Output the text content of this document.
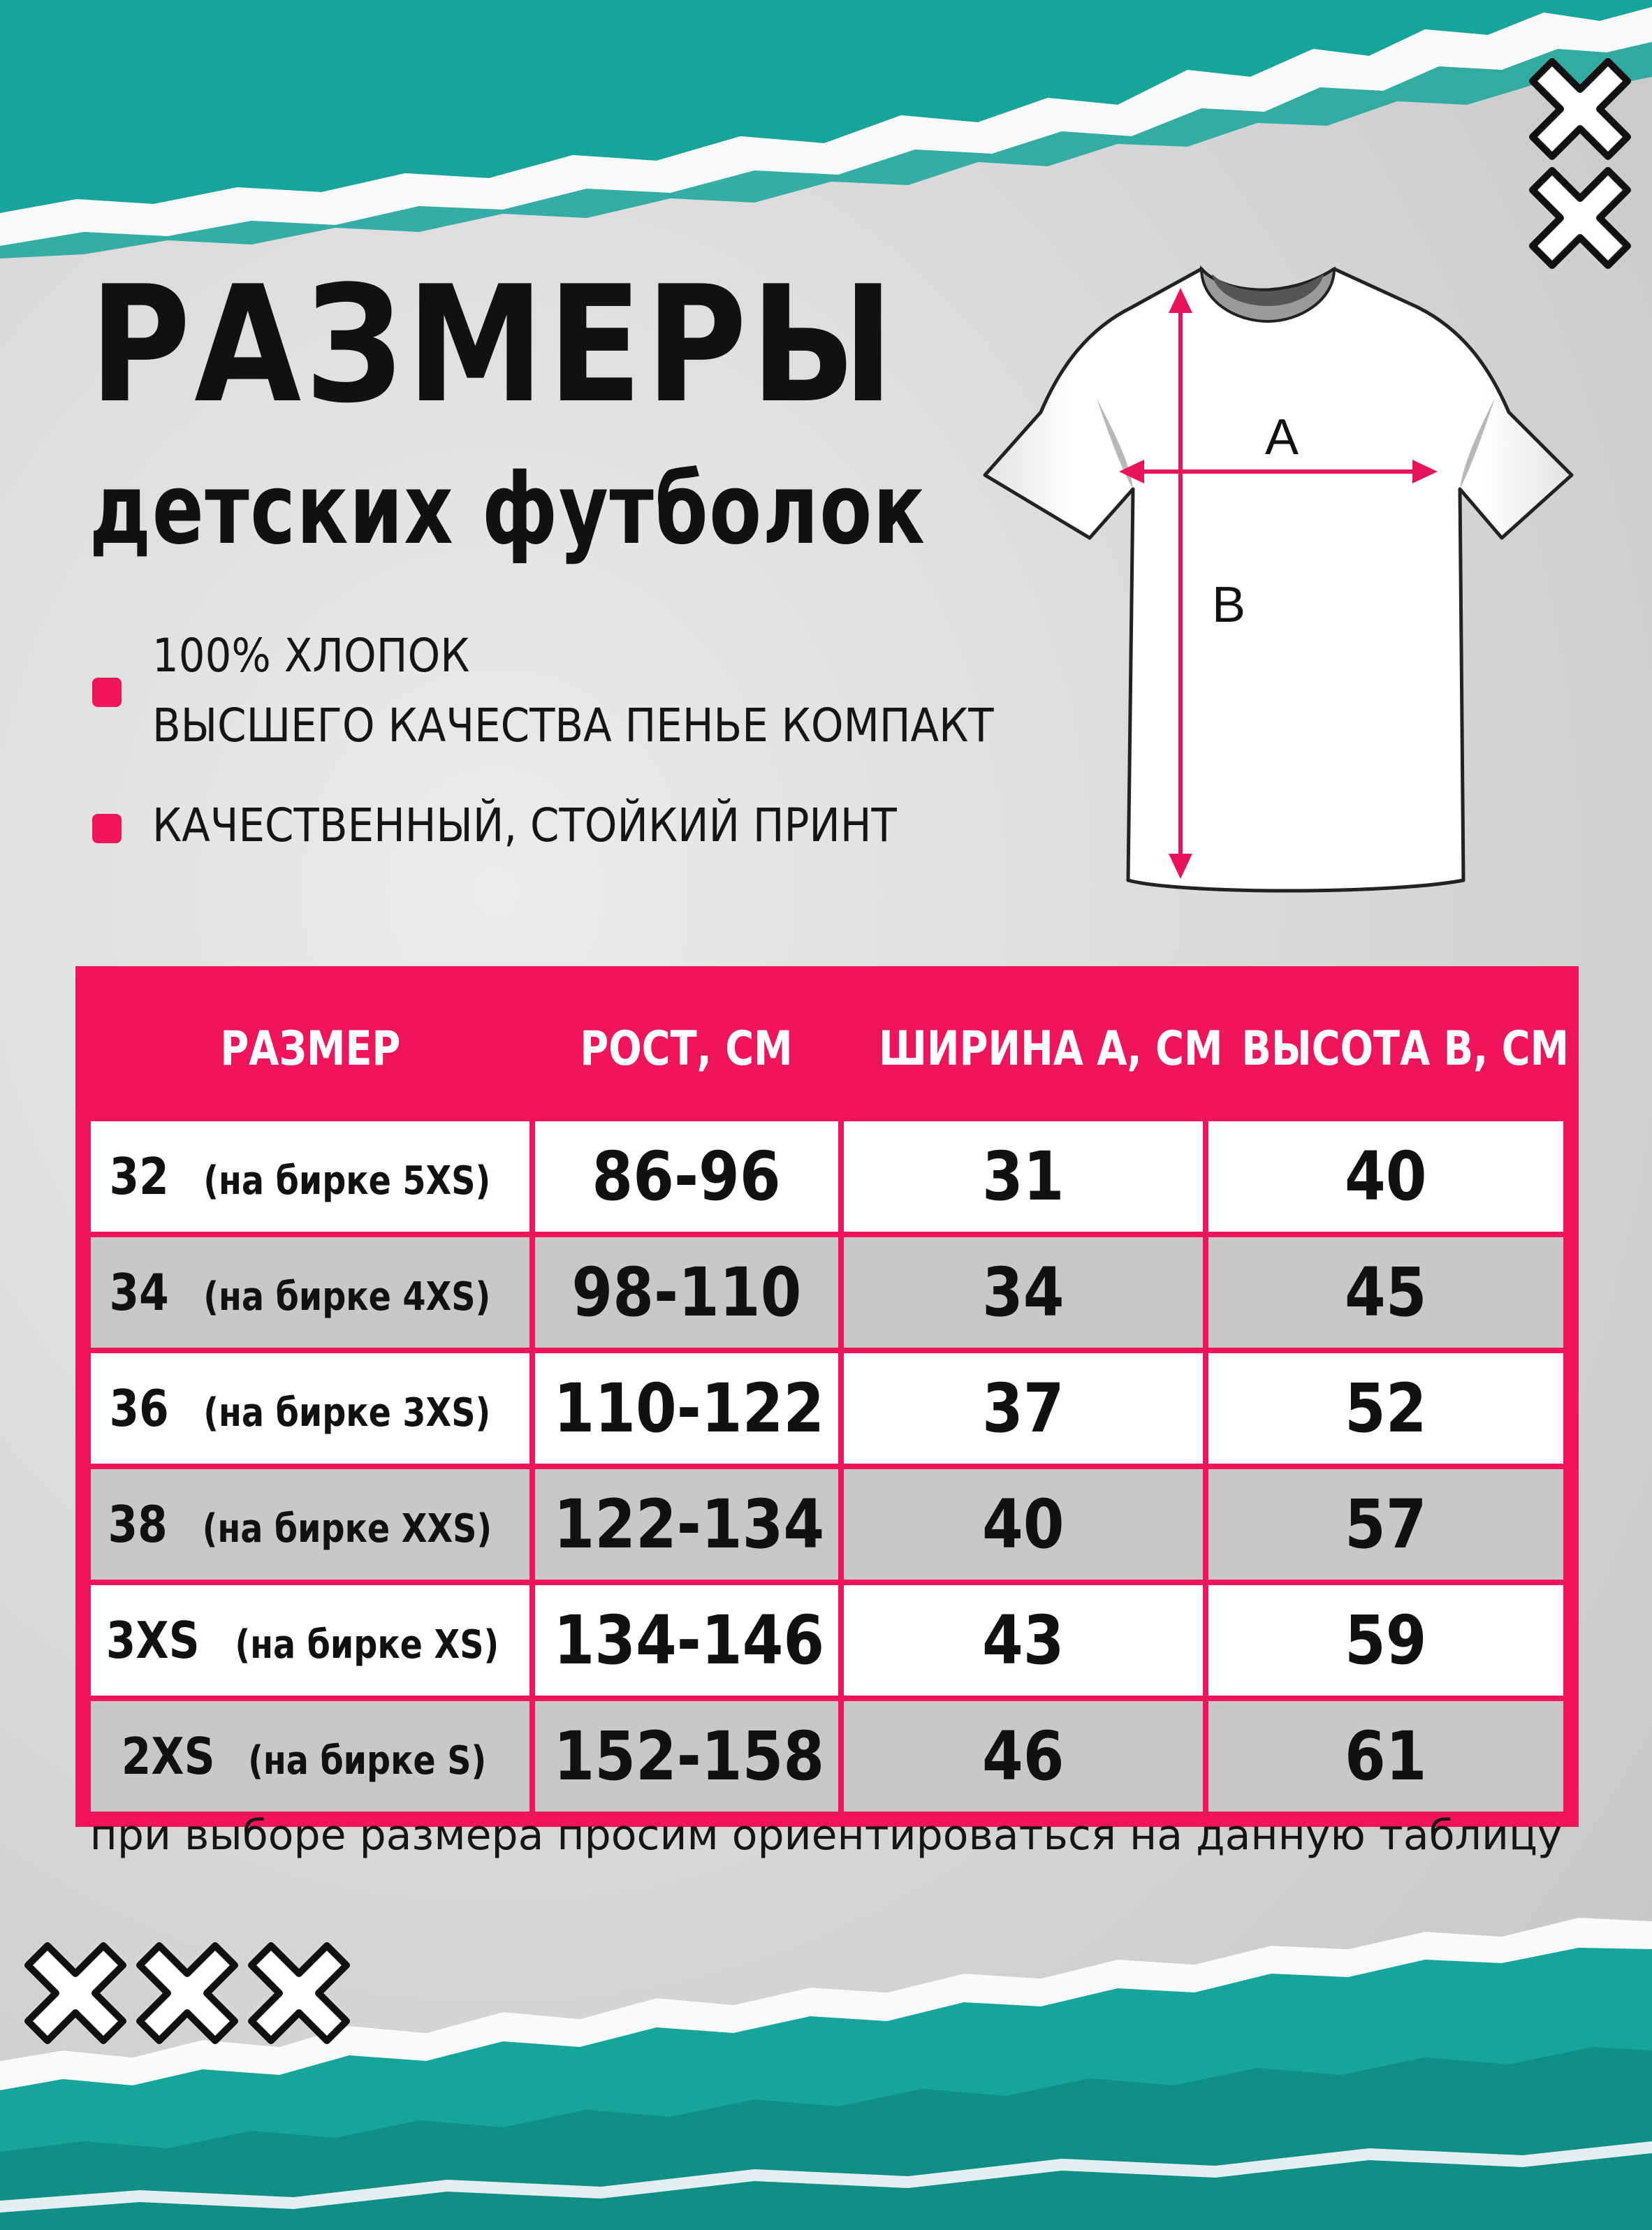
РАЗМЕРЫ
детских футболок
100% ХЛОПОК
ВЫСШЕГО КАЧЕСТВА ПЕНЬЕ КОМПАКТ
КАЧЕСТВЕННЫЙ, СТОЙКИЙ ПРИНТ
A
B
РАЗМЕР	РОСТ, СМ	ШИРИНА А, СМ	ВЫСОТА В, СМ
32 (на бирке 5XS)	86-96	31	40
34 (на бирке 4XS)	98-110	34	45
36 (на бирке 3XS)	110-122	37	52
38 (на бирке XXS)	122-134	40	57
3XS (на бирке XS)	134-146	43	59
2XS (на бирке S)	152-158	46	61

при выборе размера просим ориентироваться на данную таблицу
